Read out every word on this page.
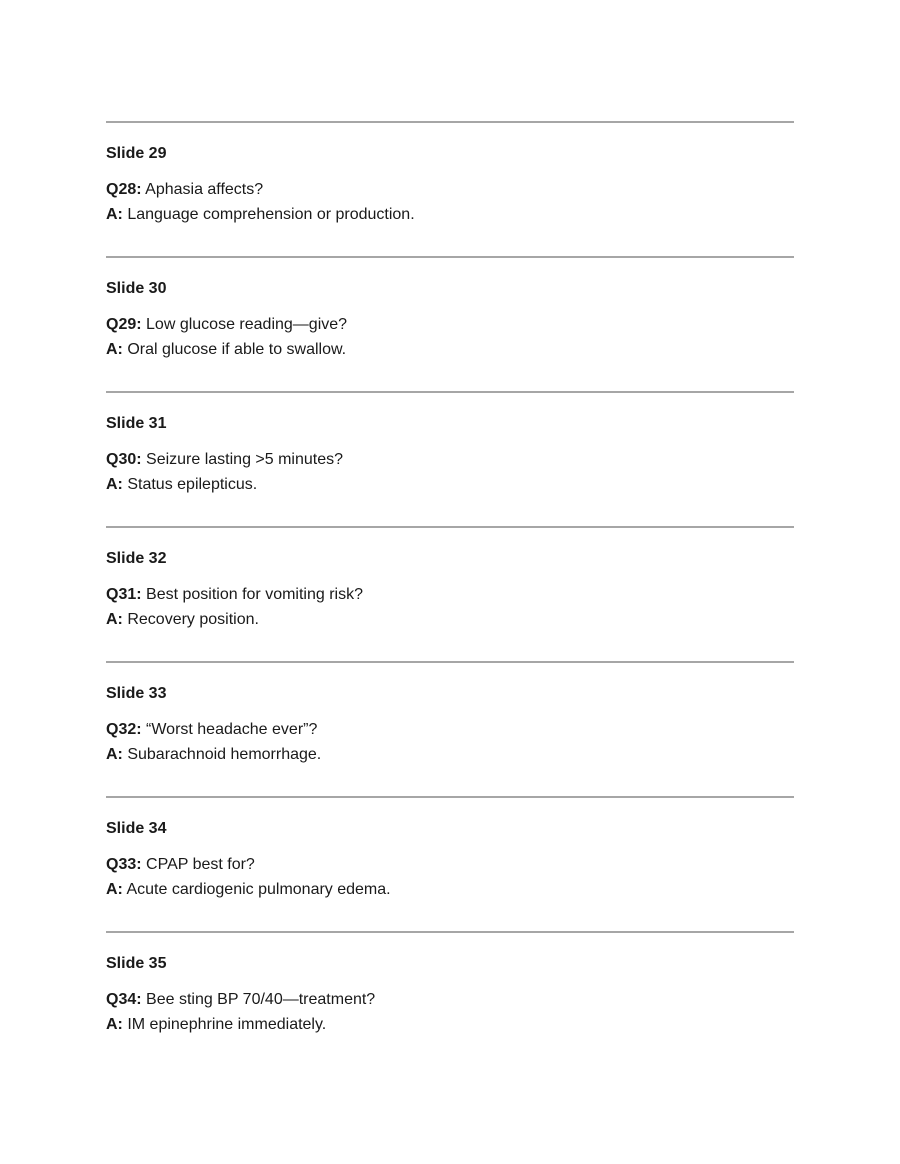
Slide 29
Q28: Aphasia affects?
A: Language comprehension or production.
Slide 30
Q29: Low glucose reading—give?
A: Oral glucose if able to swallow.
Slide 31
Q30: Seizure lasting >5 minutes?
A: Status epilepticus.
Slide 32
Q31: Best position for vomiting risk?
A: Recovery position.
Slide 33
Q32: “Worst headache ever”?
A: Subarachnoid hemorrhage.
Slide 34
Q33: CPAP best for?
A: Acute cardiogenic pulmonary edema.
Slide 35
Q34: Bee sting BP 70/40—treatment?
A: IM epinephrine immediately.
